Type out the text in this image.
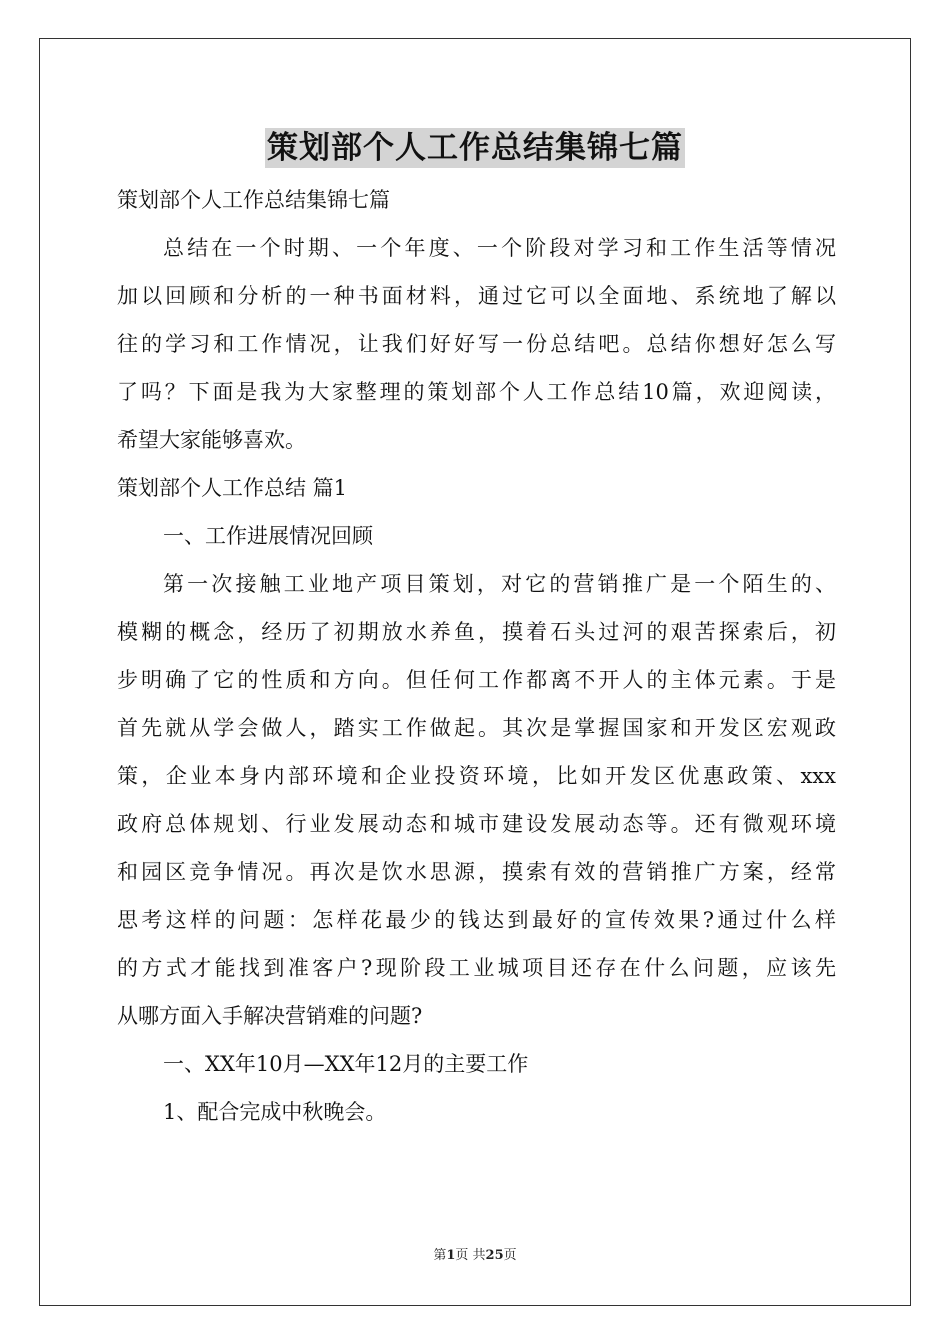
策划部个人工作总结集锦七篇
策划部个人工作总结集锦七篇
总结在一个时期、一个年度、一个阶段对学习和工作生活等情况
加以回顾和分析的一种书面材料，通过它可以全面地、系统地了解以
往的学习和工作情况，让我们好好写一份总结吧。总结你想好怎么写
了吗？下面是我为大家整理的策划部个人工作总结10篇，欢迎阅读，
希望大家能够喜欢。
策划部个人工作总结 篇1
一、工作进展情况回顾
第一次接触工业地产项目策划，对它的营销推广是一个陌生的、
模糊的概念，经历了初期放水养鱼，摸着石头过河的艰苦探索后，初
步明确了它的性质和方向。但任何工作都离不开人的主体元素。于是
首先就从学会做人，踏实工作做起。其次是掌握国家和开发区宏观政
策，企业本身内部环境和企业投资环境，比如开发区优惠政策、xxx
政府总体规划、行业发展动态和城市建设发展动态等。还有微观环境
和园区竞争情况。再次是饮水思源，摸索有效的营销推广方案，经常
思考这样的问题：怎样花最少的钱达到最好的宣传效果?通过什么样
的方式才能找到准客户?现阶段工业城项目还存在什么问题，应该先
从哪方面入手解决营销难的问题?
一、XX年10月—XX年12月的主要工作
1、配合完成中秋晚会。
第1页 共25页
